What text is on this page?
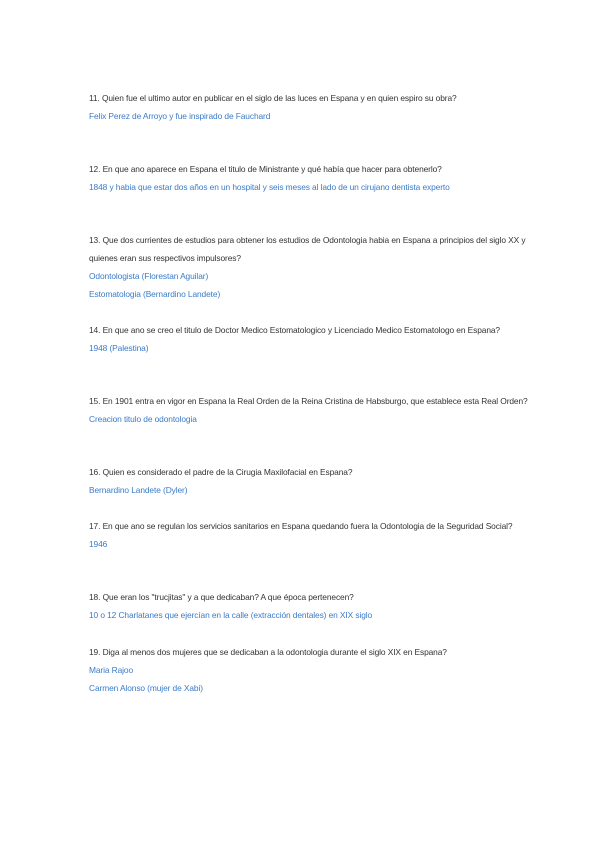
11. Quien fue el ultimo autor en publicar en el siglo de las luces en Espana y en quien espiro su obra?

Felix Perez de Arroyo y fue inspirado de Fauchard

12. En que ano aparece en Espana el titulo de Ministrante y qué había que hacer para obtenerlo?

1848 y habia que estar dos años en un hospital y seis meses al lado de un cirujano dentista experto

13. Que dos currientes de estudios para obtener los estudios de Odontologia habia en Espana a principios del siglo XX y quienes eran sus respectivos impulsores?

Odontologista (Florestan Aguilar)

Estomatologia (Bernardino Landete)

14. En que ano se creo el titulo de Doctor Medico Estomatologico y Licenciado Medico Estomatologo en Espana?

1948 (Palestina)

15. En 1901 entra en vigor en Espana la Real Orden de la Reina Cristina de Habsburgo, que establece esta Real Orden?

Creacion titulo de odontologia

16. Quien es considerado el padre de la Cirugia Maxilofacial en Espana?

Bernardino Landete (Dyler)

17. En que ano se regulan los servicios sanitarios en Espana quedando fuera la Odontologia de la Seguridad Social?

1946

18. Que eran los "trucjitas" y a que dedicaban? A que época pertenecen?

10 o 12 Charlatanes que ejercían en la calle (extracción dentales) en XIX siglo

19. Diga al menos dos mujeres que se dedicaban a la odontologia durante el siglo XIX en Espana?

Maria Rajoo

Carmen Alonso (mujer de Xabi)
